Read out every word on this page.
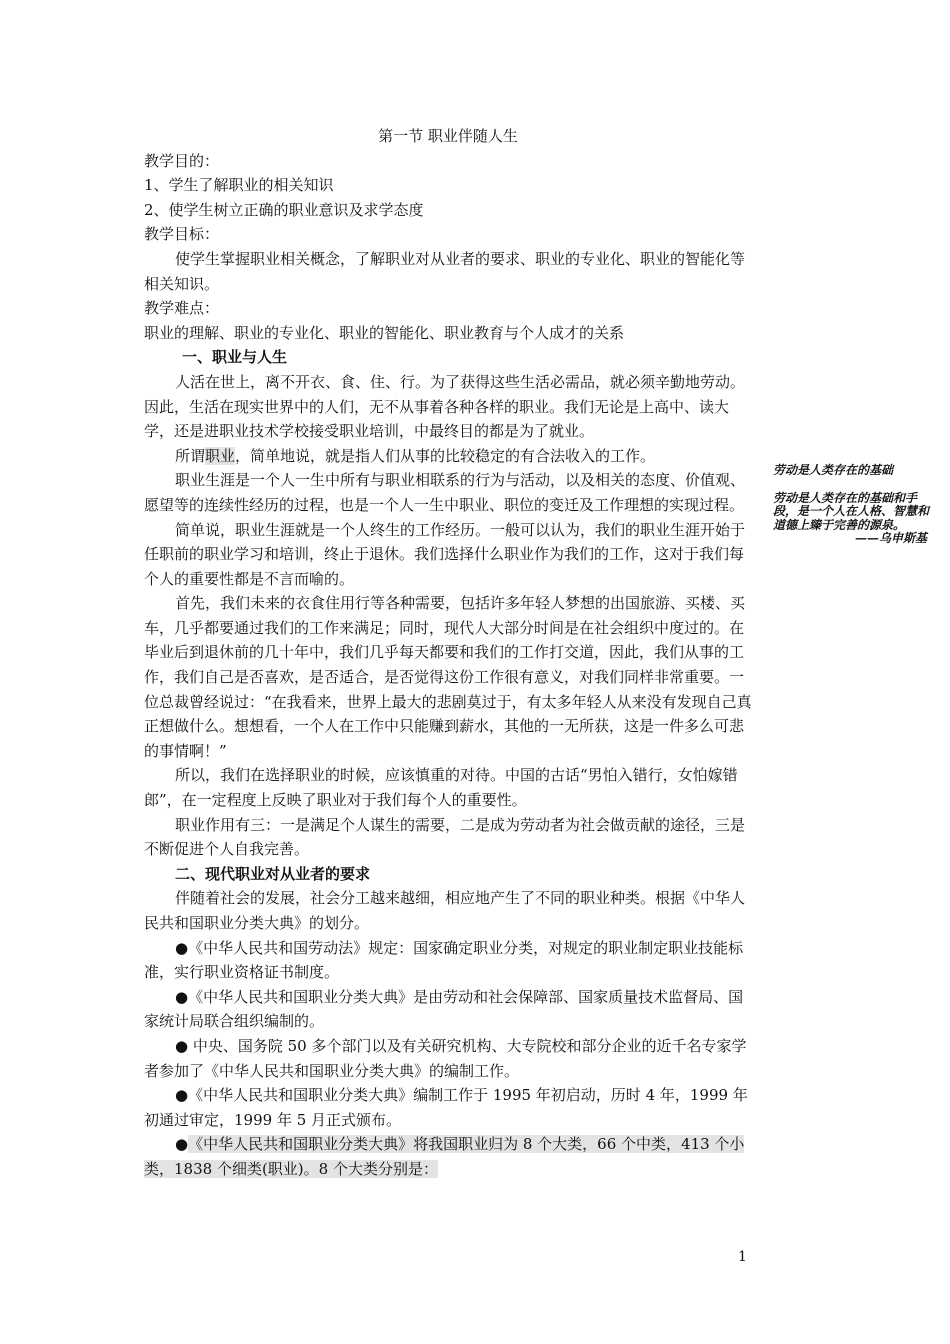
第一节 职业伴随人生

教学目的：

1、学生了解职业的相关知识

2、使学生树立正确的职业意识及求学态度

教学目标：

使学生掌握职业相关概念，了解职业对从业者的要求、职业的专业化、职业的智能化等相关知识。

教学难点：

职业的理解、职业的专业化、职业的智能化、职业教育与个人成才的关系

一、职业与人生

人活在世上，离不开衣、食、住、行。为了获得这些生活必需品，就必须辛勤地劳动。因此，生活在现实世界中的人们，无不从事着各种各样的职业。我们无论是上高中、读大学，还是进职业技术学校接受职业培训，中最终目的都是为了就业。

所谓职业，简单地说，就是指人们从事的比较稳定的有合法收入的工作。

职业生涯是一个人一生中所有与职业相联系的行为与活动，以及相关的态度、价值观、愿望等的连续性经历的过程，也是一个人一生中职业、职位的变迁及工作理想的实现过程。

简单说，职业生涯就是一个人终生的工作经历。一般可以认为，我们的职业生涯开始于任职前的职业学习和培训，终止于退休。我们选择什么职业作为我们的工作，这对于我们每个人的重要性都是不言而喻的。

首先，我们未来的衣食住用行等各种需要，包括许多年轻人梦想的出国旅游、买楼、买车，几乎都要通过我们的工作来满足；同时，现代人大部分时间是在社会组织中度过的。在毕业后到退休前的几十年中，我们几乎每天都要和我们的工作打交道，因此，我们从事的工作，我们自己是否喜欢，是否适合，是否觉得这份工作很有意义，对我们同样非常重要。一位总裁曾经说过：“在我看来，世界上最大的悲剧莫过于，有太多年轻人从来没有发现自己真正想做什么。想想看，一个人在工作中只能赚到薪水，其他的一无所获，这是一件多么可悲的事情啊！”

所以，我们在选择职业的时候，应该慎重的对待。中国的古话“男怕入错行，女怕嫁错郎”，在一定程度上反映了职业对于我们每个人的重要性。

职业作用有三：一是满足个人谋生的需要，二是成为劳动者为社会做贡献的途径，三是不断促进个人自我完善。

二、现代职业对从业者的要求

伴随着社会的发展，社会分工越来越细，相应地产生了不同的职业种类。根据《中华人民共和国职业分类大典》的划分。

●《中华人民共和国劳动法》规定：国家确定职业分类，对规定的职业制定职业技能标准，实行职业资格证书制度。

●《中华人民共和国职业分类大典》是由劳动和社会保障部、国家质量技术监督局、国家统计局联合组织编制的。

● 中央、国务院 50 多个部门以及有关研究机构、大专院校和部分企业的近千名专家学者参加了《中华人民共和国职业分类大典》的编制工作。

●《中华人民共和国职业分类大典》编制工作于 1995 年初启动，历时 4 年，1999 年初通过审定，1999 年 5 月正式颁布。

●《中华人民共和国职业分类大典》将我国职业归为 8 个大类，66 个中类，413 个小类，1838 个细类(职业)。8 个大类分别是：

劳动是人类存在的基础

劳动是人类存在的基础和手段，是一个人在人格、智慧和道德上臻于完善的源泉。

——乌申斯基

1
